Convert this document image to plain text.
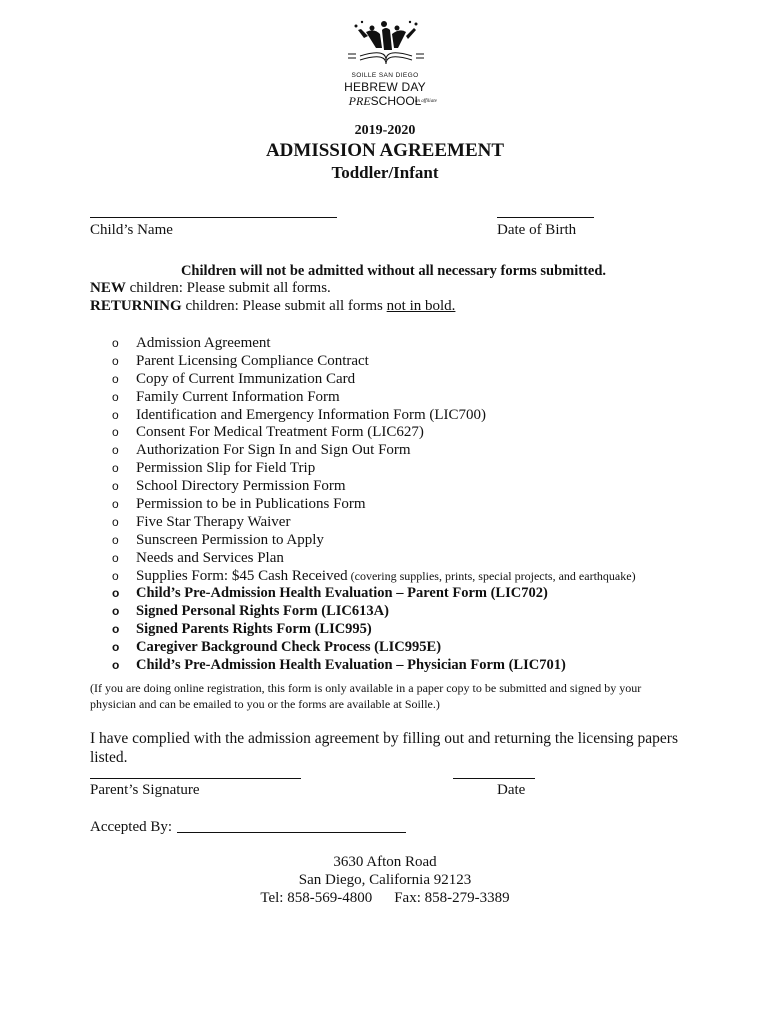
SOILLE SAN DIEGO
HEBREW DAY
PRESCHOOL
an affiliate
2019-2020
ADMISSION AGREEMENT
Toddler/Infant
Child’s Name	Date of Birth
Children will not be admitted without all necessary forms submitted.
NEW children: Please submit all forms.
RETURNING children: Please submit all forms not in bold.
o Admission Agreement
o Parent Licensing Compliance Contract
o Copy of Current Immunization Card
o Family Current Information Form
o Identification and Emergency Information Form (LIC700)
o Consent For Medical Treatment Form (LIC627)
o Authorization For Sign In and Sign Out Form
o Permission Slip for Field Trip
o School Directory Permission Form
o Permission to be in Publications Form
o Five Star Therapy Waiver
o Sunscreen Permission to Apply
o Needs and Services Plan
o Supplies Form: $45 Cash Received (covering supplies, prints, special projects, and earthquake)
o Child’s Pre-Admission Health Evaluation – Parent Form (LIC702)
o Signed Personal Rights Form (LIC613A)
o Signed Parents Rights Form (LIC995)
o Caregiver Background Check Process (LIC995E)
o Child’s Pre-Admission Health Evaluation – Physician Form (LIC701)
(If you are doing online registration, this form is only available in a paper copy to be submitted and signed by your physician and can be emailed to you or the forms are available at Soille.)
I have complied with the admission agreement by filling out and returning the licensing papers listed.
Parent’s Signature	Date
Accepted By:
3630 Afton Road
San Diego, California 92123
Tel: 858-569-4800 Fax: 858-279-3389
